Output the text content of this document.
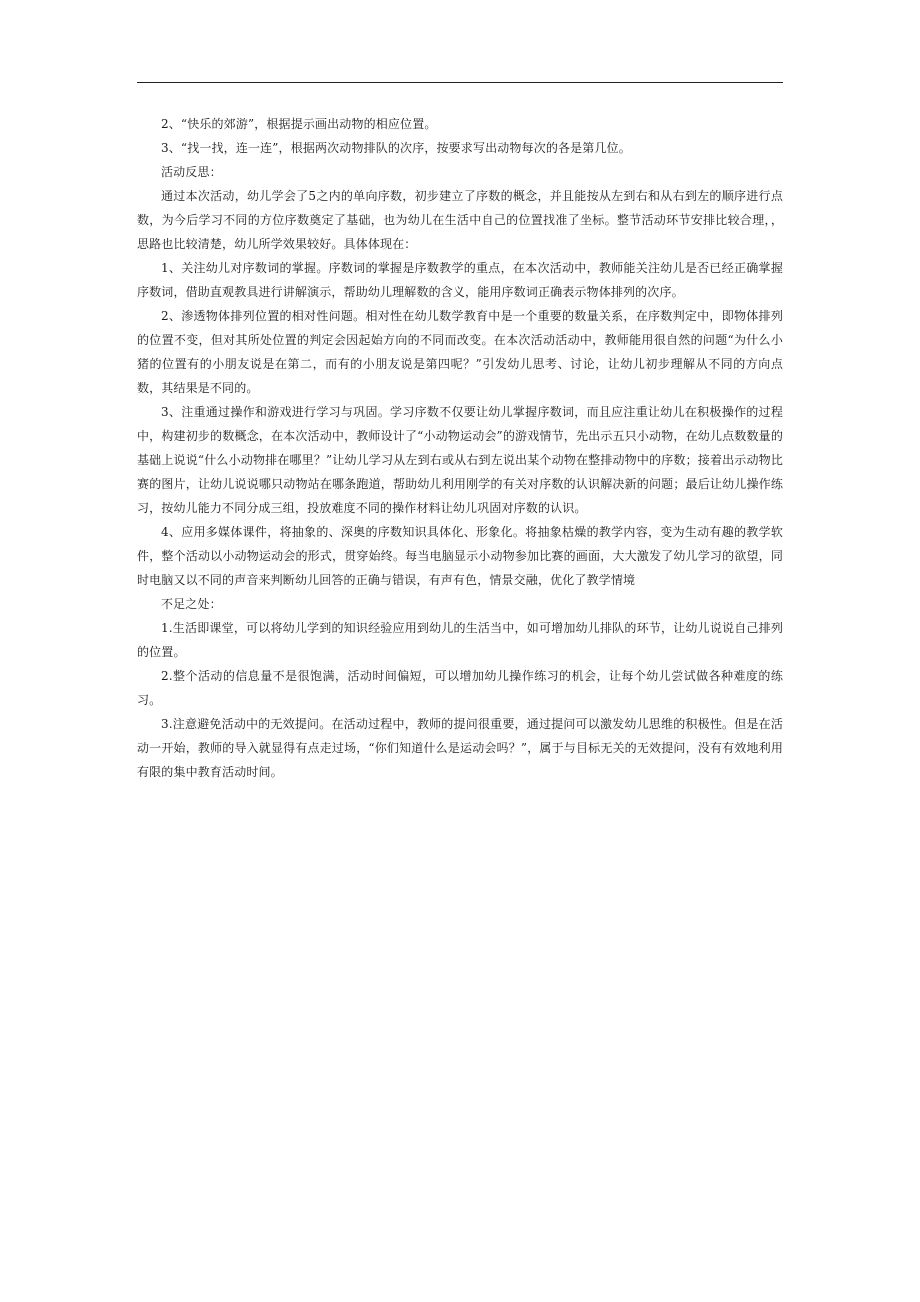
2、“快乐的郊游”，根据提示画出动物的相应位置。

3、“找一找，连一连”，根据两次动物排队的次序，按要求写出动物每次的各是第几位。

活动反思：

通过本次活动，幼儿学会了5之内的单向序数，初步建立了序数的概念，并且能按从左到右和从右到左的顺序进行点数，为今后学习不同的方位序数奠定了基础，也为幼儿在生活中自己的位置找准了坐标。整节活动环节安排比较合理，，思路也比较清楚，幼儿所学效果较好。具体体现在：

1、关注幼儿对序数词的掌握。序数词的掌握是序数教学的重点，在本次活动中，教师能关注幼儿是否已经正确掌握序数词，借助直观教具进行讲解演示，帮助幼儿理解数的含义，能用序数词正确表示物体排列的次序。

2、渗透物体排列位置的相对性问题。相对性在幼儿数学教育中是一个重要的数量关系，在序数判定中，即物体排列的位置不变，但对其所处位置的判定会因起始方向的不同而改变。在本次活动活动中，教师能用很自然的问题“为什么小猪的位置有的小朋友说是在第二，而有的小朋友说是第四呢？”引发幼儿思考、讨论，让幼儿初步理解从不同的方向点数，其结果是不同的。

3、注重通过操作和游戏进行学习与巩固。学习序数不仅要让幼儿掌握序数词，而且应注重让幼儿在积极操作的过程中，构建初步的数概念，在本次活动中，教师设计了“小动物运动会”的游戏情节，先出示五只小动物，在幼儿点数数量的基础上说说“什么小动物排在哪里？”让幼儿学习从左到右或从右到左说出某个动物在整排动物中的序数；接着出示动物比赛的图片，让幼儿说说哪只动物站在哪条跑道，帮助幼儿利用刚学的有关对序数的认识解决新的问题；最后让幼儿操作练习，按幼儿能力不同分成三组，投放难度不同的操作材料让幼儿巩固对序数的认识。

4、应用多媒体课件，将抽象的、深奥的序数知识具体化、形象化。将抽象枯燥的教学内容，变为生动有趣的教学软件，整个活动以小动物运动会的形式，贯穿始终。每当电脑显示小动物参加比赛的画面，大大激发了幼儿学习的欲望，同时电脑又以不同的声音来判断幼儿回答的正确与错误，有声有色，情景交融，优化了教学情境

不足之处：

1.生活即课堂，可以将幼儿学到的知识经验应用到幼儿的生活当中，如可增加幼儿排队的环节，让幼儿说说自己排列的位置。

2.整个活动的信息量不是很饱满，活动时间偏短，可以增加幼儿操作练习的机会，让每个幼儿尝试做各种难度的练习。

3.注意避免活动中的无效提问。在活动过程中，教师的提问很重要，通过提问可以激发幼儿思维的积极性。但是在活动一开始，教师的导入就显得有点走过场，“你们知道什么是运动会吗？”，属于与目标无关的无效提问，没有有效地利用有限的集中教育活动时间。
